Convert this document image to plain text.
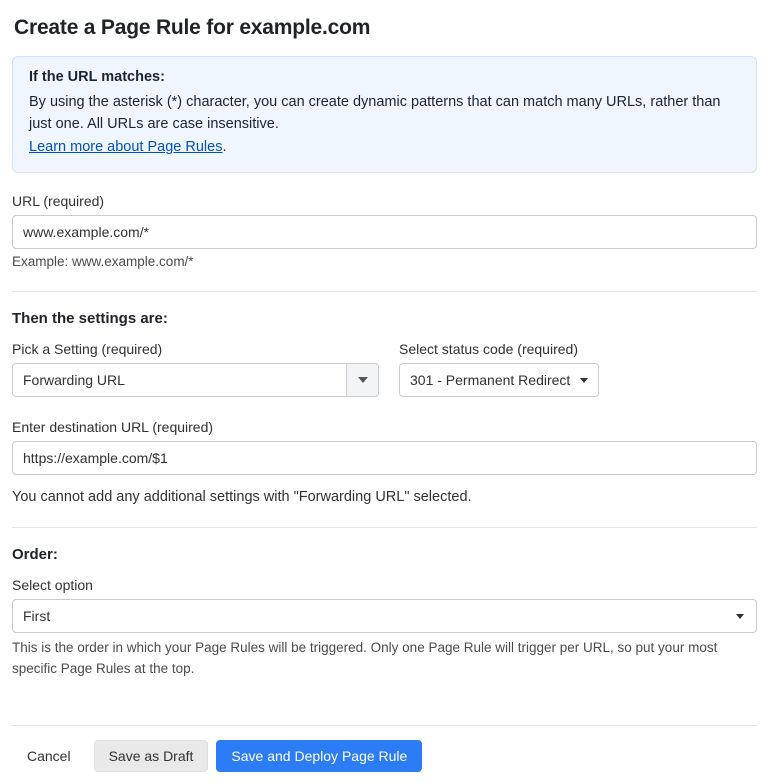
Create a Page Rule for example.com
If the URL matches:
By using the asterisk (*) character, you can create dynamic patterns that can match many URLs, rather than just one. All URLs are case insensitive.
Learn more about Page Rules.
URL (required)
www.example.com/*
Example: www.example.com/*
Then the settings are:
Pick a Setting (required)
Forwarding URL
Select status code (required)
301 - Permanent Redirect
Enter destination URL (required)
https://example.com/$1
You cannot add any additional settings with "Forwarding URL" selected.
Order:
Select option
First
This is the order in which your Page Rules will be triggered. Only one Page Rule will trigger per URL, so put your most specific Page Rules at the top.
Cancel	Save as Draft	Save and Deploy Page Rule
